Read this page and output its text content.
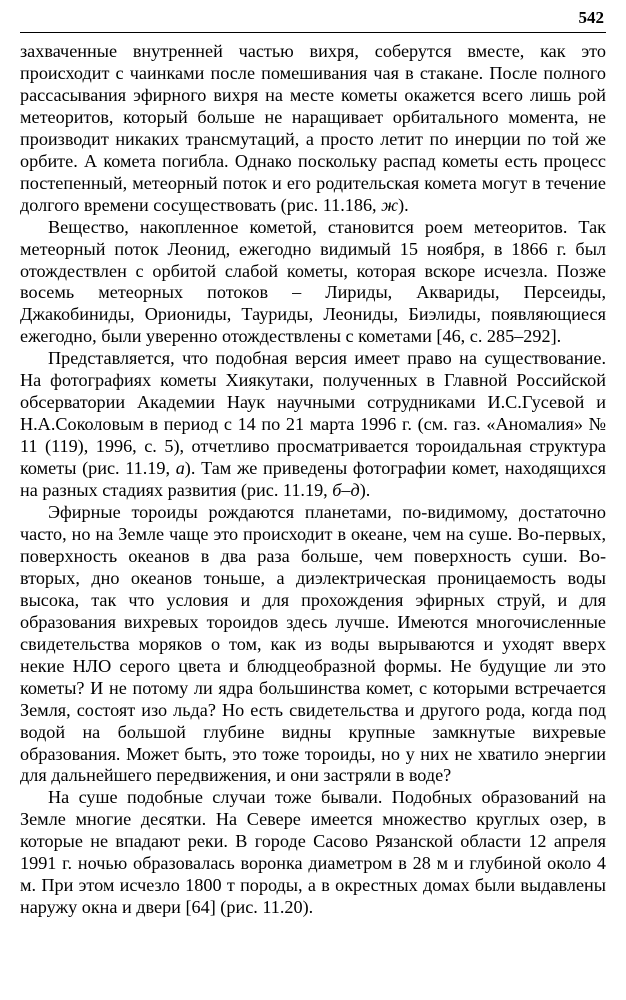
542

захваченные внутренней частью вихря, соберутся вместе, как это происходит с чаинками после помешивания чая в стакане. После полного рассасывания эфирного вихря на месте кометы окажется всего лишь рой метеоритов, который больше не наращивает орбитального момента, не производит никаких трансмутаций, а просто летит по инерции по той же орбите. А комета погибла. Однако поскольку распад кометы есть процесс постепенный, метеорный поток и его родительская комета могут в течение долгого времени сосуществовать (рис. 11.186, ж).

Вещество, накопленное кометой, становится роем метеоритов. Так метеорный поток Леонид, ежегодно видимый 15 ноября, в 1866 г. был отождествлен с орбитой слабой кометы, которая вскоре исчезла. Позже восемь метеорных потоков – Лириды, Аквариды, Персеиды, Джакобиниды, Ориониды, Тауриды, Леониды, Биэлиды, появляющиеся ежегодно, были уверенно отождествлены с кометами [46, с. 285–292].

Представляется, что подобная версия имеет право на существование. На фотографиях кометы Хиякутаки, полученных в Главной Российской обсерватории Академии Наук научными сотрудниками И.С.Гусевой и Н.А.Соколовым в период с 14 по 21 марта 1996 г. (см. газ. «Аномалия» № 11 (119), 1996, с. 5), отчетливо просматривается тороидальная структура кометы (рис. 11.19, а). Там же приведены фотографии комет, находящихся на разных стадиях развития (рис. 11.19, б–д).

Эфирные тороиды рождаются планетами, по-видимому, достаточно часто, но на Земле чаще это происходит в океане, чем на суше. Во-первых, поверхность океанов в два раза больше, чем поверхность суши. Во-вторых, дно океанов тоньше, а диэлектрическая проницаемость воды высока, так что условия и для прохождения эфирных струй, и для образования вихревых тороидов здесь лучше. Имеются многочисленные свидетельства моряков о том, как из воды вырываются и уходят вверх некие НЛО серого цвета и блюдцеобразной формы. Не будущие ли это кометы? И не потому ли ядра большинства комет, с которыми встречается Земля, состоят изо льда? Но есть свидетельства и другого рода, когда под водой на большой глубине видны крупные замкнутые вихревые образования. Может быть, это тоже тороиды, но у них не хватило энергии для дальнейшего передвижения, и они застряли в воде?

На суше подобные случаи тоже бывали. Подобных образований на Земле многие десятки. На Севере имеется множество круглых озер, в которые не впадают реки. В городе Сасово Рязанской области 12 апреля 1991 г. ночью образовалась воронка диаметром в 28 м и глубиной около 4 м. При этом исчезло 1800 т породы, а в окрестных домах были выдавлены наружу окна и двери [64] (рис. 11.20).
